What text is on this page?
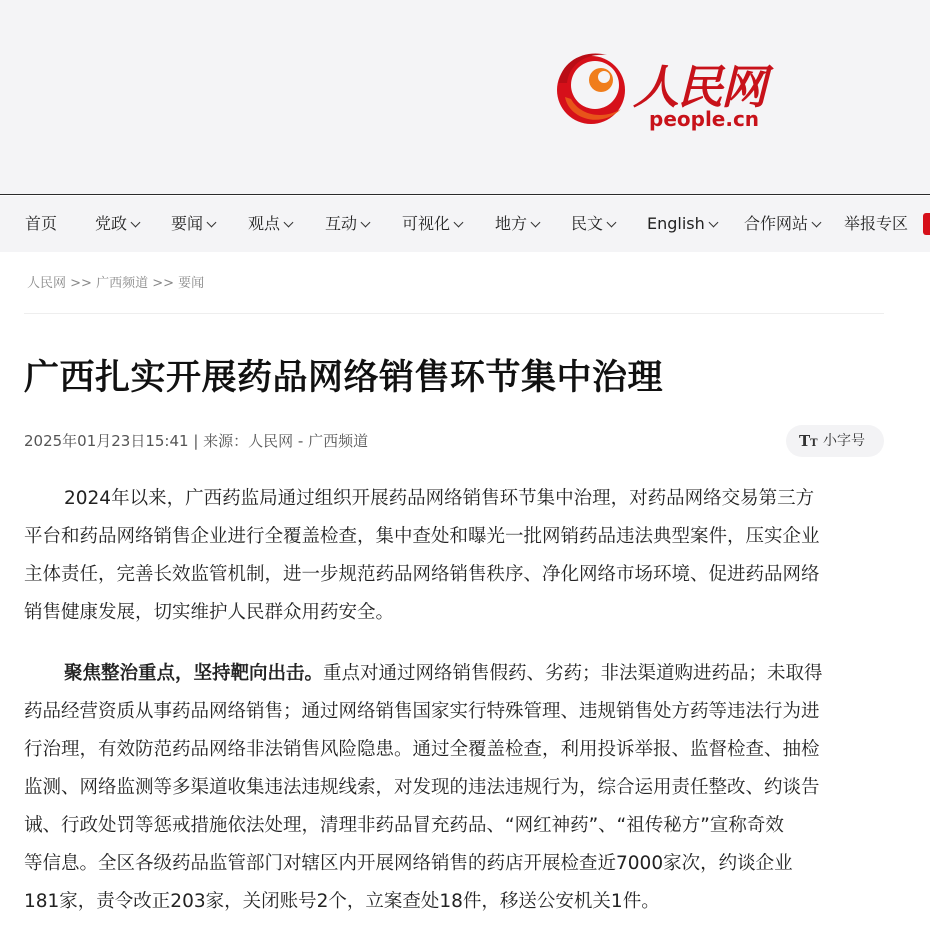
人民网
people.cn
首页 党政	要闻	观点	互动	可视化	地方	民文	English	合作网站	举报专区
人民网 >> 广西频道 >> 要闻
广西扎实开展药品网络销售环节集中治理
2025年01月23日15:41 | 来源：人民网 - 广西频道	TT 小字号
2024年以来，广西药监局通过组织开展药品网络销售环节集中治理，对药品网络交易第三方
平台和药品网络销售企业进行全覆盖检查，集中查处和曝光一批网销药品违法典型案件，压实企业
主体责任，完善长效监管机制，进一步规范药品网络销售秩序、净化网络市场环境、促进药品网络
销售健康发展，切实维护人民群众用药安全。
聚焦整治重点，坚持靶向出击。重点对通过网络销售假药、劣药；非法渠道购进药品；未取得
药品经营资质从事药品网络销售；通过网络销售国家实行特殊管理、违规销售处方药等违法行为进
行治理，有效防范药品网络非法销售风险隐患。通过全覆盖检查，利用投诉举报、监督检查、抽检
监测、网络监测等多渠道收集违法违规线索，对发现的违法违规行为，综合运用责任整改、约谈告
诫、行政处罚等惩戒措施依法处理，清理非药品冒充药品、“网红神药”、“祖传秘方”宣称奇效
等信息。全区各级药品监管部门对辖区内开展网络销售的药店开展检查近7000家次，约谈企业
181家，责令改正203家，关闭账号2个，立案查处18件，移送公安机关1件。
